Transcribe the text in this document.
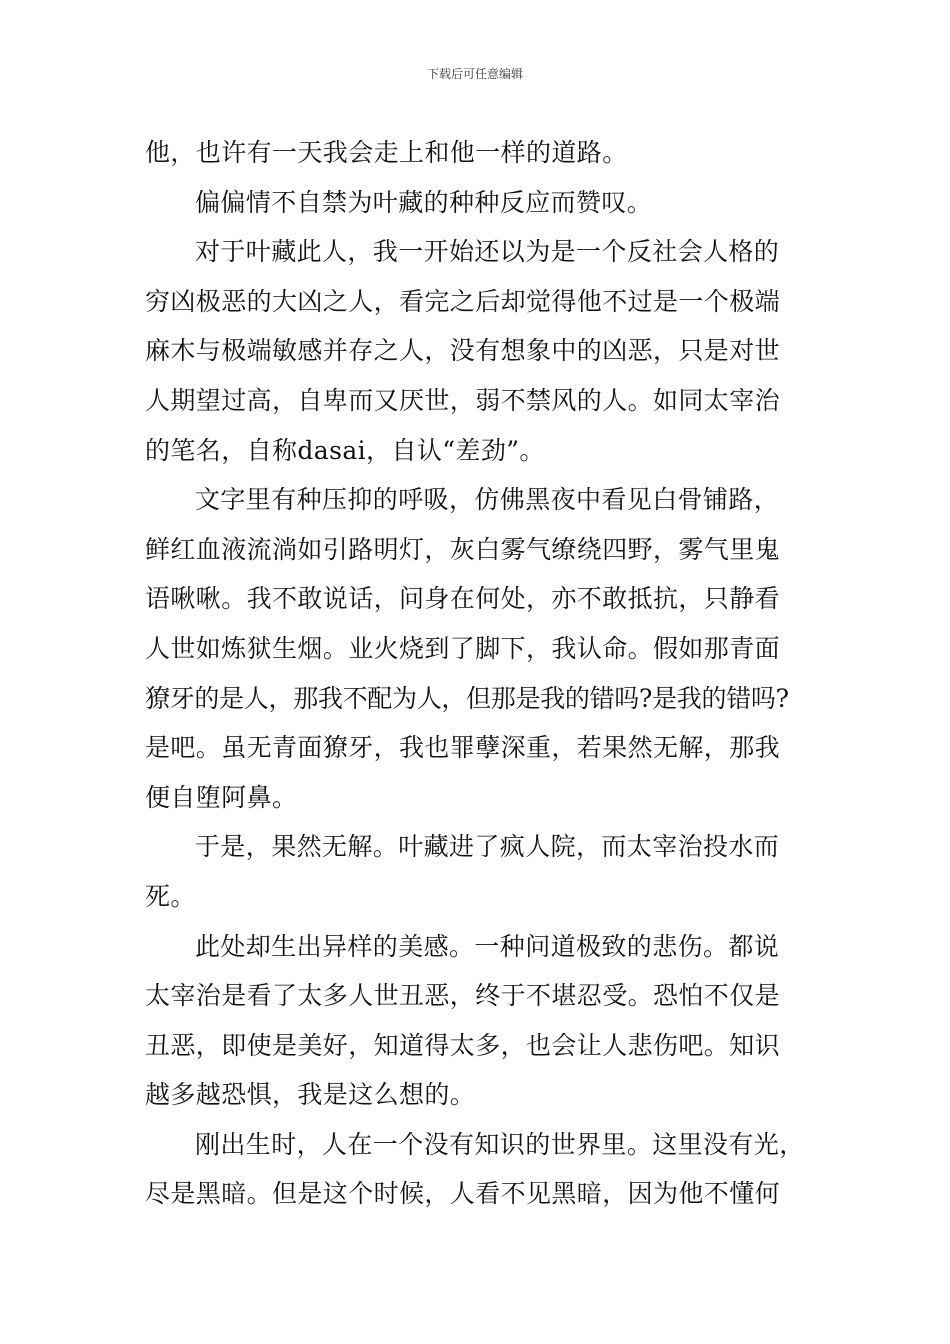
下载后可任意编辑
他，也许有一天我会走上和他一样的道路。
偏偏情不自禁为叶藏的种种反应而赞叹。
对于叶藏此人，我一开始还以为是一个反社会人格的
穷凶极恶的大凶之人，看完之后却觉得他不过是一个极端
麻木与极端敏感并存之人，没有想象中的凶恶，只是对世
人期望过高，自卑而又厌世，弱不禁风的人。如同太宰治
的笔名，自称dasai，自认“差劲”。
文字里有种压抑的呼吸，仿佛黑夜中看见白骨铺路，
鲜红血液流淌如引路明灯，灰白雾气缭绕四野，雾气里鬼
语啾啾。我不敢说话，问身在何处，亦不敢抵抗，只静看
人世如炼狱生烟。业火烧到了脚下，我认命。假如那青面
獠牙的是人，那我不配为人，但那是我的错吗?是我的错吗?
是吧。虽无青面獠牙，我也罪孽深重，若果然无解，那我
便自堕阿鼻。
于是，果然无解。叶藏进了疯人院，而太宰治投水而
死。
此处却生出异样的美感。一种问道极致的悲伤。都说
太宰治是看了太多人世丑恶，终于不堪忍受。恐怕不仅是
丑恶，即使是美好，知道得太多，也会让人悲伤吧。知识
越多越恐惧，我是这么想的。
刚出生时，人在一个没有知识的世界里。这里没有光，
尽是黑暗。但是这个时候，人看不见黑暗，因为他不懂何
